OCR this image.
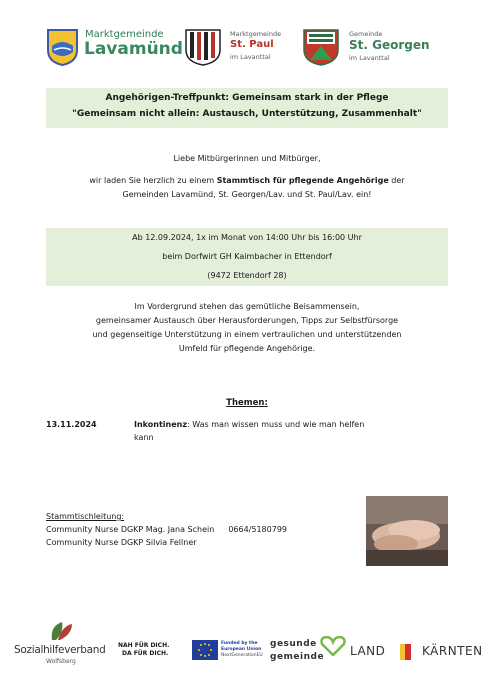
Marktgemeinde
Lavamünd
Marktgemeinde
St. Paul
im Lavanttal
Gemeinde
St. Georgen
im Lavanttal
Angehörigen-Treffpunkt: Gemeinsam stark in der Pflege
"Gemeinsam nicht allein: Austausch, Unterstützung, Zusammenhalt"

Liebe Mitbürgerinnen und Mitbürger,

wir laden Sie herzlich zu einem Stammtisch für pflegende Angehörige der

Gemeinden Lavamünd, St. Georgen/Lav. und St. Paul/Lav. ein!

Ab 12.09.2024, 1x im Monat von 14:00 Uhr bis 16:00 Uhr
beim Dorfwirt GH Kaimbacher in Ettendorf
(9472 Ettendorf 28)
Im Vordergrund stehen das gemütliche Beisammensein,
gemeinsamer Austausch über Herausforderungen, Tipps zur Selbstfürsorge
und gegenseitige Unterstützung in einem vertraulichen und unterstützenden
Umfeld für pflegende Angehörige.
Themen:
13.11.2024	Inkontinenz: Was man wissen muss und wie man helfen
kann
Stammtischleitung:
Community Nurse DGKP Mag. Jana Schein 0664/5180799
Community Nurse DGKP Silvia Fellner
Sozialhilfeverband
Wolfsberg
NAH FÜR DICH.
DA FÜR DICH.
Funded by the
European Union
NextGenerationEU
gesunde
gemeinde	LAND	KÄRNTEN
